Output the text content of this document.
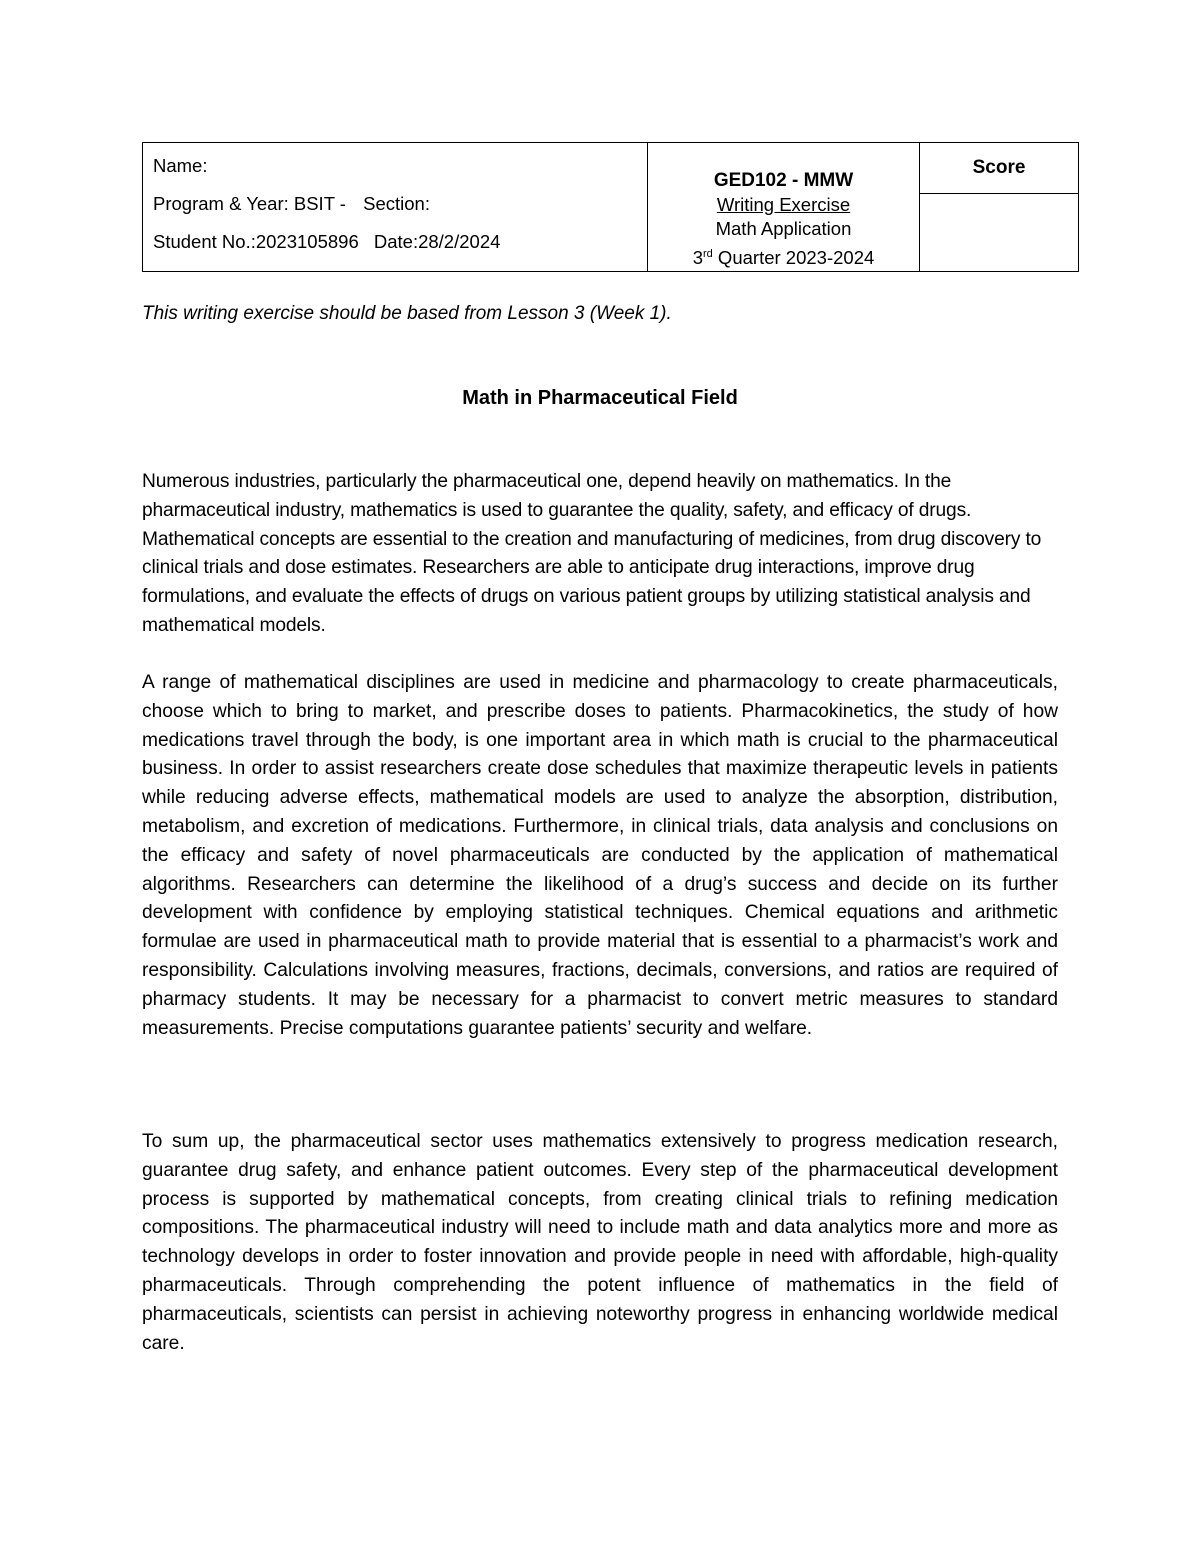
Name:
Program & Year: BSIT - Section:
Student No.:2023105896 Date:28/2/2024

GED102 - MMW
Writing Exercise
Math Application
3rd Quarter 2023-2024

Score

This writing exercise should be based from Lesson 3 (Week 1).
Math in Pharmaceutical Field

Numerous industries, particularly the pharmaceutical one, depend heavily on mathematics. In the pharmaceutical industry, mathematics is used to guarantee the quality, safety, and efficacy of drugs. Mathematical concepts are essential to the creation and manufacturing of medicines, from drug discovery to clinical trials and dose estimates. Researchers are able to anticipate drug interactions, improve drug formulations, and evaluate the effects of drugs on various patient groups by utilizing statistical analysis and mathematical models.

A range of mathematical disciplines are used in medicine and pharmacology to create pharmaceuticals, choose which to bring to market, and prescribe doses to patients. Pharmacokinetics, the study of how medications travel through the body, is one important area in which math is crucial to the pharmaceutical business. In order to assist researchers create dose schedules that maximize therapeutic levels in patients while reducing adverse effects, mathematical models are used to analyze the absorption, distribution, metabolism, and excretion of medications. Furthermore, in clinical trials, data analysis and conclusions on the efficacy and safety of novel pharmaceuticals are conducted by the application of mathematical algorithms. Researchers can determine the likelihood of a drug’s success and decide on its further development with confidence by employing statistical techniques. Chemical equations and arithmetic formulae are used in pharmaceutical math to provide material that is essential to a pharmacist’s work and responsibility. Calculations involving measures, fractions, decimals, conversions, and ratios are required of pharmacy students. It may be necessary for a pharmacist to convert metric measures to standard measurements. Precise computations guarantee patients’ security and welfare.

To sum up, the pharmaceutical sector uses mathematics extensively to progress medication research, guarantee drug safety, and enhance patient outcomes. Every step of the pharmaceutical development process is supported by mathematical concepts, from creating clinical trials to refining medication compositions. The pharmaceutical industry will need to include math and data analytics more and more as technology develops in order to foster innovation and provide people in need with affordable, high-quality pharmaceuticals. Through comprehending the potent influence of mathematics in the field of pharmaceuticals, scientists can persist in achieving noteworthy progress in enhancing worldwide medical care.
